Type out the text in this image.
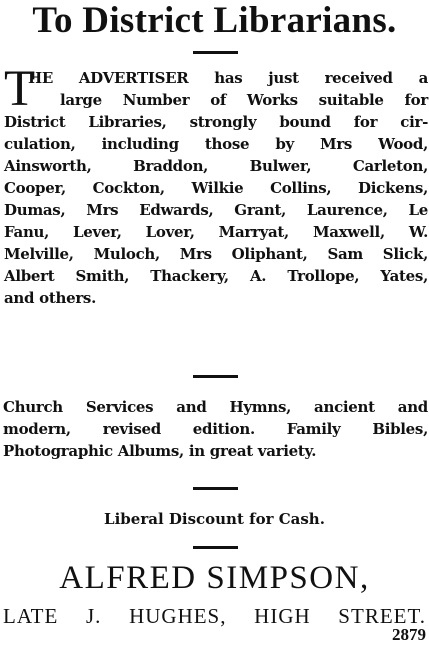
To District Librarians.
T
HE ADVERTISER has just received a
large Number of Works suitable for
District Libraries, strongly bound for cir-
culation, including those by Mrs Wood,
Ainsworth, Braddon, Bulwer, Carleton,
Cooper, Cockton, Wilkie Collins, Dickens,
Dumas, Mrs Edwards, Grant, Laurence, Le
Fanu, Lever, Lover, Marryat, Maxwell, W.
Melville, Muloch, Mrs Oliphant, Sam Slick,
Albert Smith, Thackery, A. Trollope, Yates,
and others.
Church Services and Hymns, ancient and
modern, revised edition. Family Bibles,
Photographic Albums, in great variety.
Liberal Discount for Cash.
ALFRED SIMPSON,
LATE J. HUGHES, HIGH STREET.
2879
